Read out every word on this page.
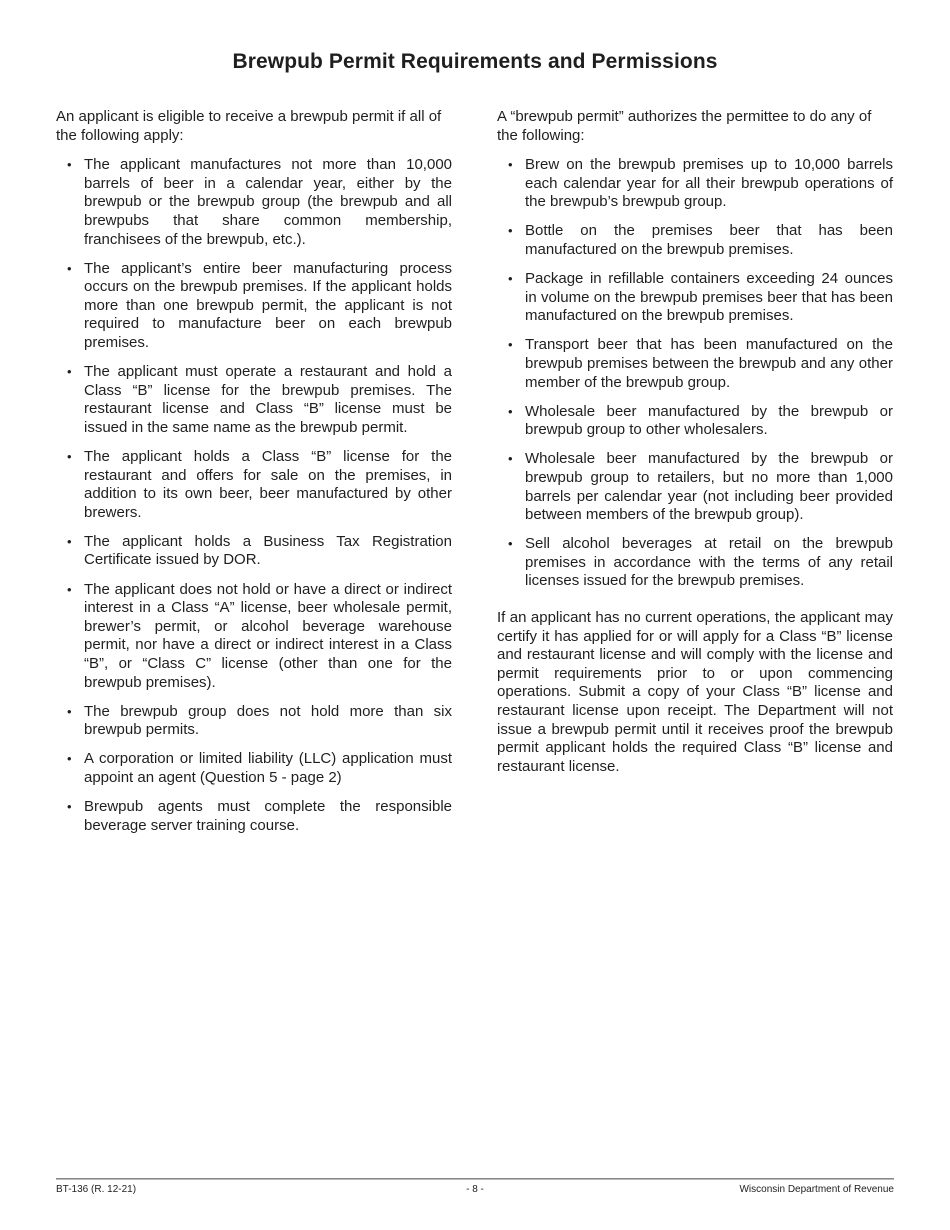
Brewpub Permit Requirements and Permissions

An applicant is eligible to receive a brewpub permit if all of the following apply:

• The applicant manufactures not more than 10,000 barrels of beer in a calendar year, either by the brewpub or the brewpub group (the brewpub and all brewpubs that share common membership, franchisees of the brewpub, etc.).
• The applicant’s entire beer manufacturing process occurs on the brewpub premises. If the applicant holds more than one brewpub permit, the applicant is not required to manufacture beer on each brewpub premises.
• The applicant must operate a restaurant and hold a Class “B” license for the brewpub premises. The restaurant license and Class “B” license must be issued in the same name as the brewpub permit.
• The applicant holds a Class “B” license for the restaurant and offers for sale on the premises, in addition to its own beer, beer manufactured by other brewers.
• The applicant holds a Business Tax Registration Certificate issued by DOR.
• The applicant does not hold or have a direct or indirect interest in a Class “A” license, beer wholesale permit, brewer’s permit, or alcohol beverage warehouse permit, nor have a direct or indirect interest in a Class “B”, or “Class C” license (other than one for the brewpub premises).
• The brewpub group does not hold more than six brewpub permits.
• A corporation or limited liability (LLC) application must appoint an agent (Question 5 - page 2)
• Brewpub agents must complete the responsible beverage server training course.

A “brewpub permit” authorizes the permittee to do any of the following:

• Brew on the brewpub premises up to 10,000 barrels each calendar year for all their brewpub operations of the brewpub’s brewpub group.
• Bottle on the premises beer that has been manufactured on the brewpub premises.
• Package in refillable containers exceeding 24 ounces in volume on the brewpub premises beer that has been manufactured on the brewpub premises.
• Transport beer that has been manufactured on the brewpub premises between the brewpub and any other member of the brewpub group.
• Wholesale beer manufactured by the brewpub or brewpub group to other wholesalers.
• Wholesale beer manufactured by the brewpub or brewpub group to retailers, but no more than 1,000 barrels per calendar year (not including beer provided between members of the brewpub group).
• Sell alcohol beverages at retail on the brewpub premises in accordance with the terms of any retail licenses issued for the brewpub premises.

If an applicant has no current operations, the applicant may certify it has applied for or will apply for a Class “B” license and restaurant license and will comply with the license and permit requirements prior to or upon commencing operations. Submit a copy of your Class “B” license and restaurant license upon receipt. The Department will not issue a brewpub permit until it receives proof the brewpub permit applicant holds the required Class “B” license and restaurant license.

BT-136 (R. 12-21)	- 8 -	Wisconsin Department of Revenue
